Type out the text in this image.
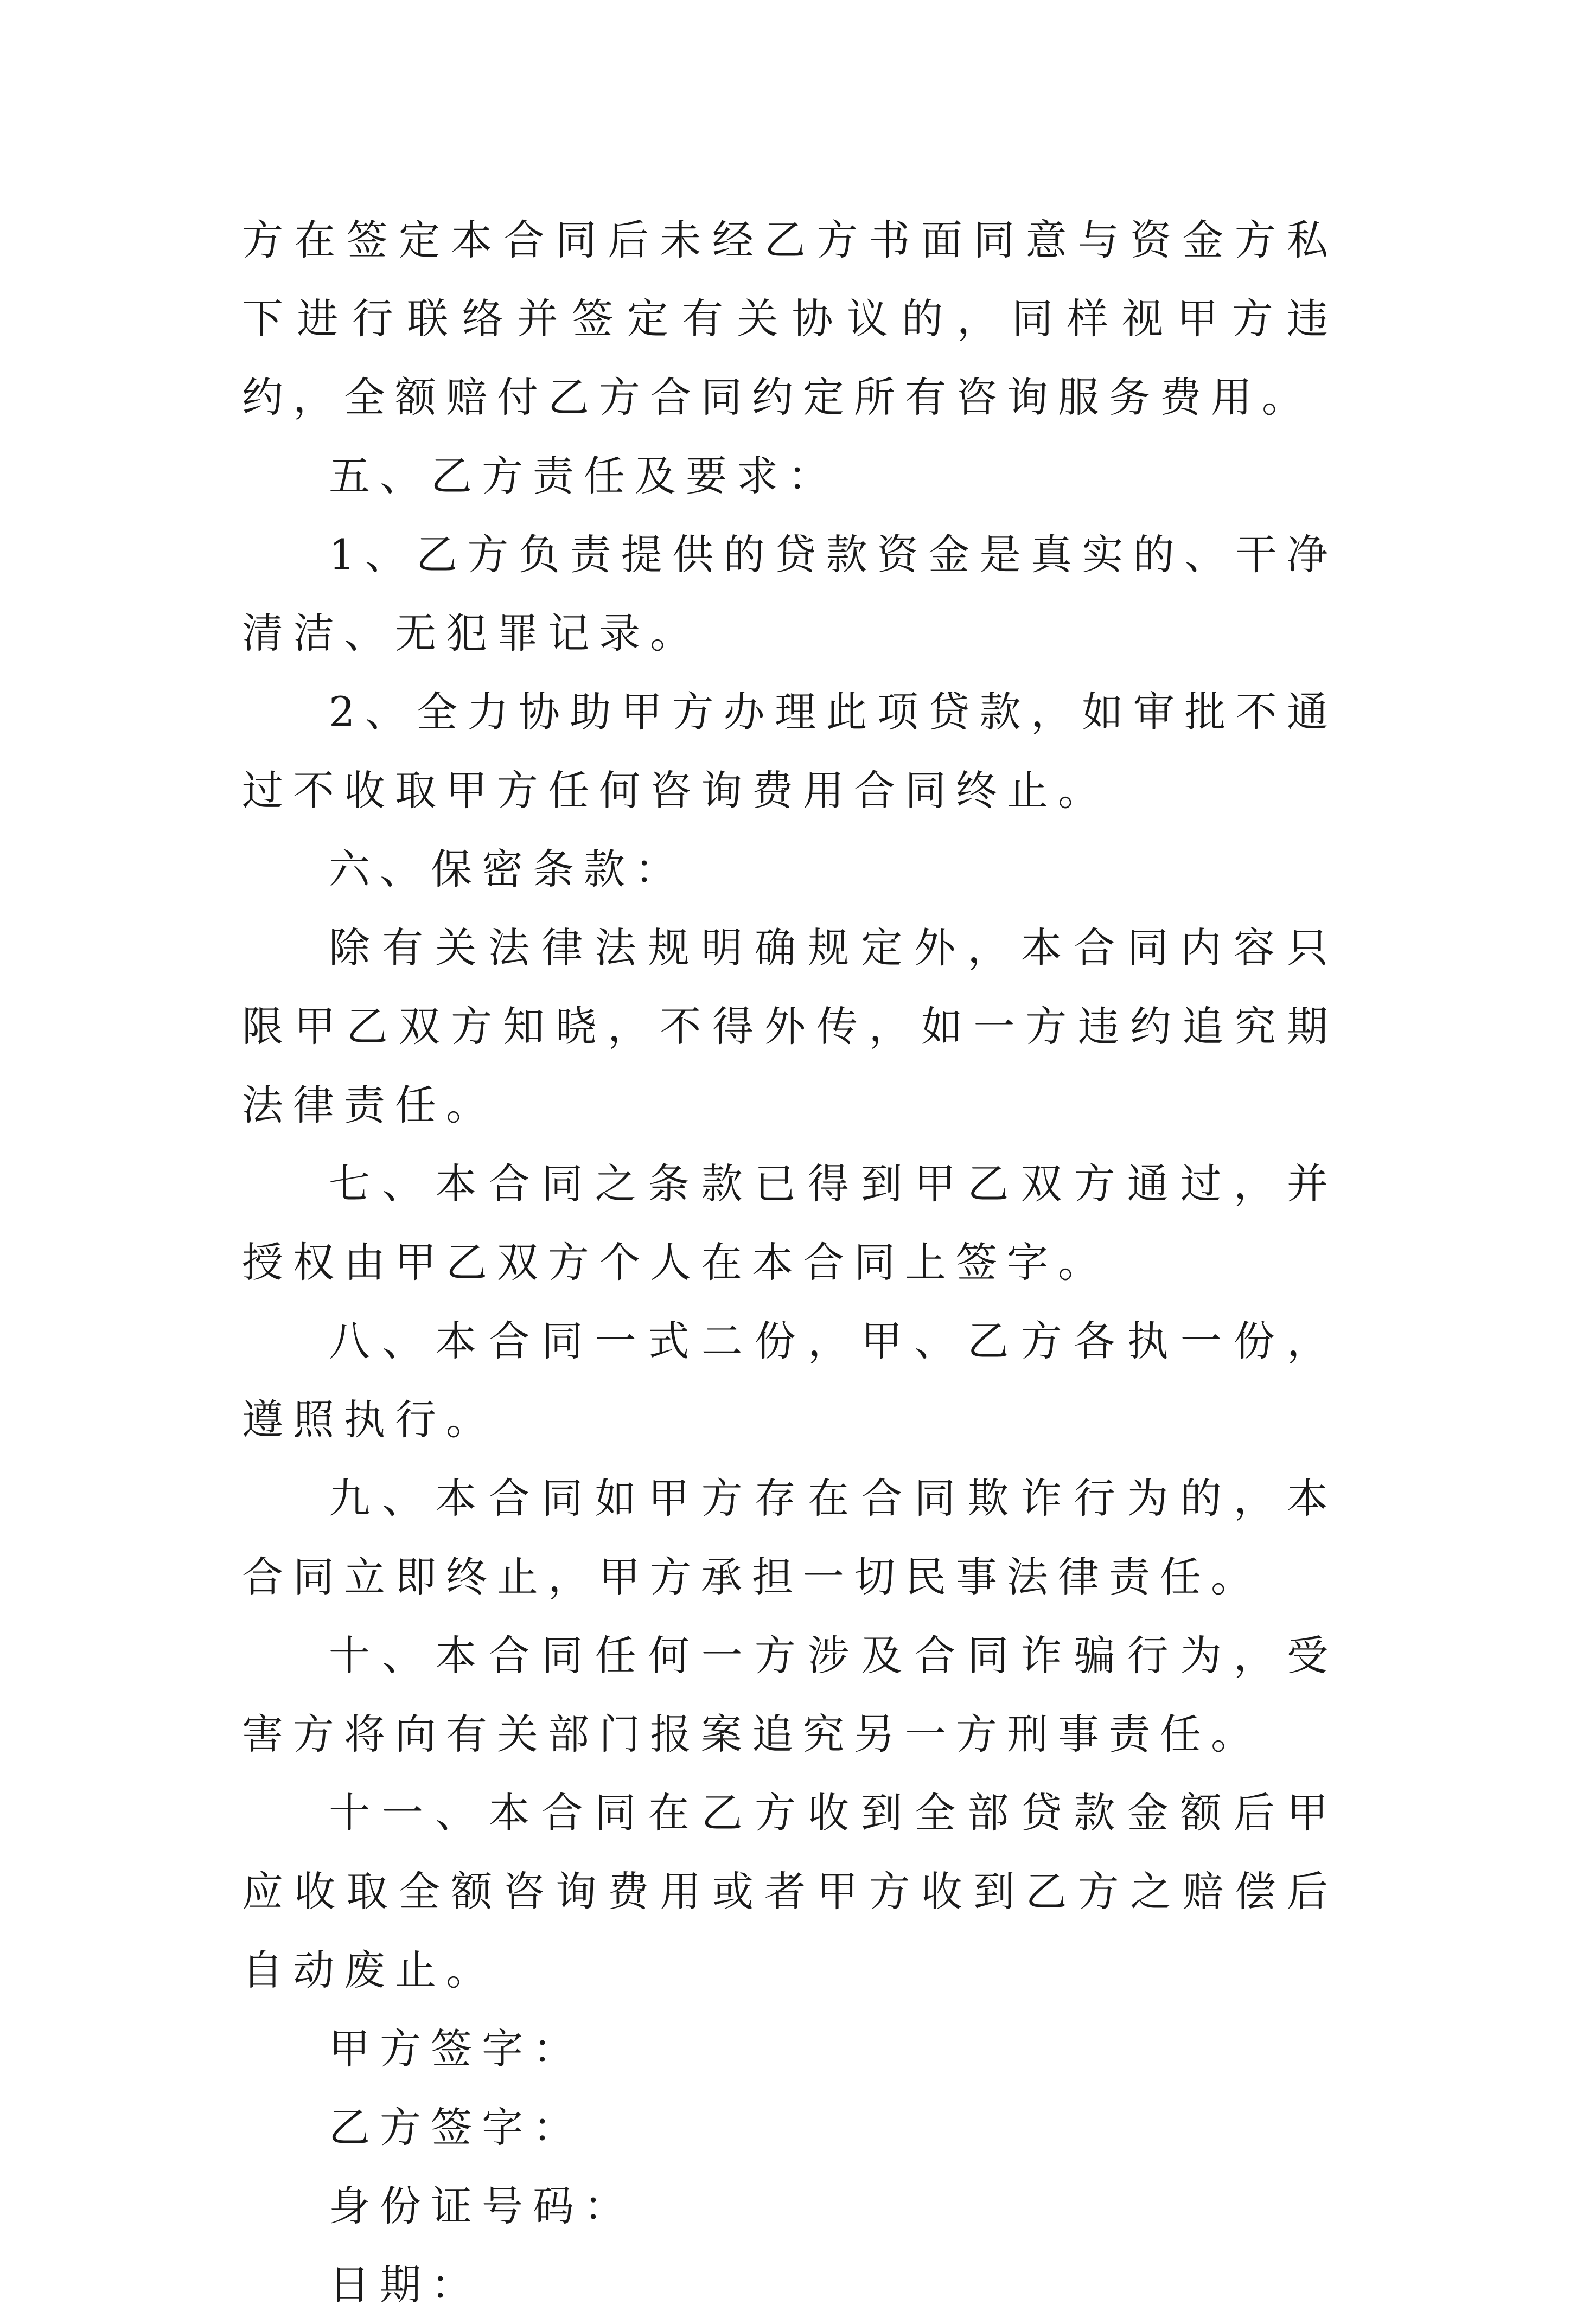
方在签定本合同后未经乙方书面同意与资金方私下进行联络并签定有关协议的，同样视甲方违约，全额赔付乙方合同约定所有咨询服务费用。

五、乙方责任及要求：

1、乙方负责提供的贷款资金是真实的、干净清洁、无犯罪记录。

2、全力协助甲方办理此项贷款，如审批不通过不收取甲方任何咨询费用合同终止。

六、保密条款：

除有关法律法规明确规定外，本合同内容只限甲乙双方知晓，不得外传，如一方违约追究期法律责任。

七、本合同之条款已得到甲乙双方通过，并授权由甲乙双方个人在本合同上签字。

八、本合同一式二份，甲、乙方各执一份，遵照执行。

九、本合同如甲方存在合同欺诈行为的，本合同立即终止，甲方承担一切民事法律责任。

十、本合同任何一方涉及合同诈骗行为，受害方将向有关部门报案追究另一方刑事责任。

十一、本合同在乙方收到全部贷款金额后甲应收取全额咨询费用或者甲方收到乙方之赔偿后自动废止。

甲方签字：

乙方签字：

身份证号码：

日期：
